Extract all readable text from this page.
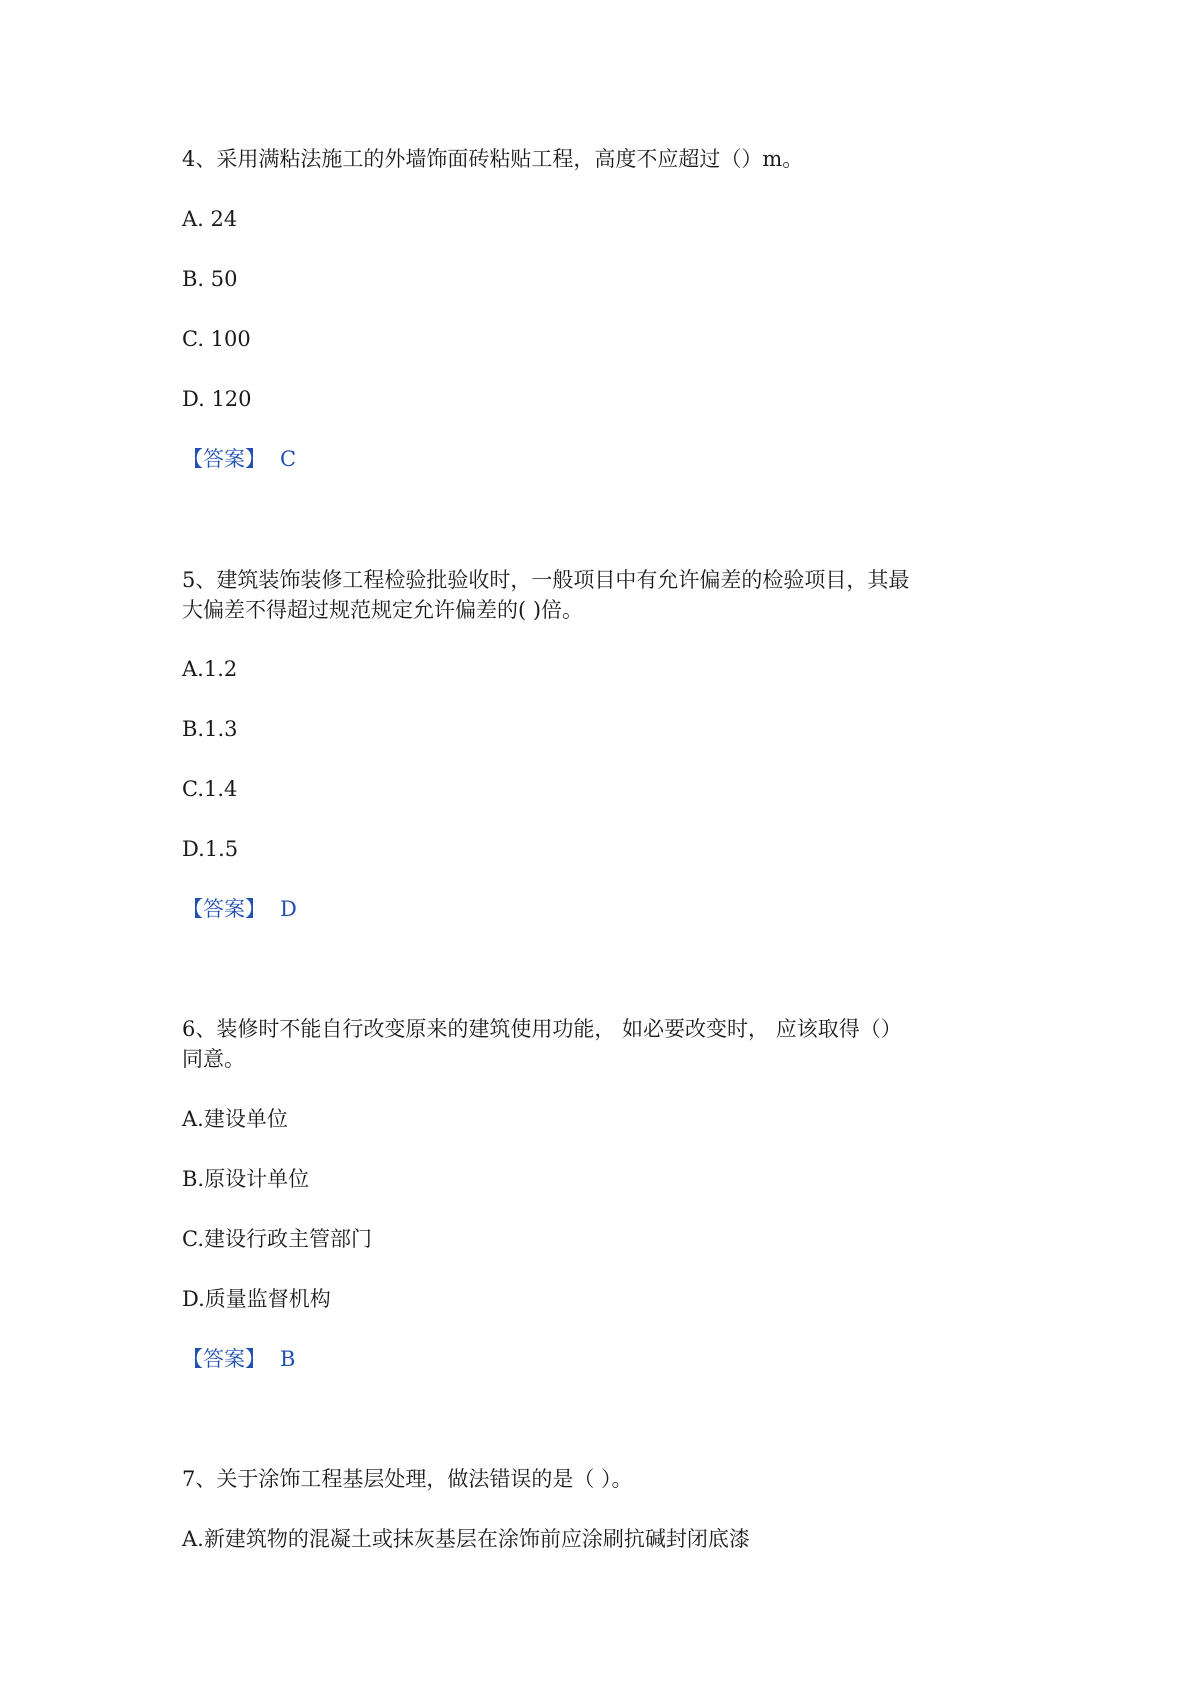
4、采用满粘法施工的外墙饰面砖粘贴工程，高度不应超过（）m。
A. 24
B. 50
C. 100
D. 120
【答案】 C
5、建筑装饰装修工程检验批验收时，一般项目中有允许偏差的检验项目，其最
大偏差不得超过规范规定允许偏差的( )倍。
A.1.2
B.1.3
C.1.4
D.1.5
【答案】 D
6、装修时不能自行改变原来的建筑使用功能， 如必要改变时， 应该取得（）
同意。
A.建设单位
B.原设计单位
C.建设行政主管部门
D.质量监督机构
【答案】 B
7、关于涂饰工程基层处理，做法错误的是（ ）。
A.新建筑物的混凝土或抹灰基层在涂饰前应涂刷抗碱封闭底漆
